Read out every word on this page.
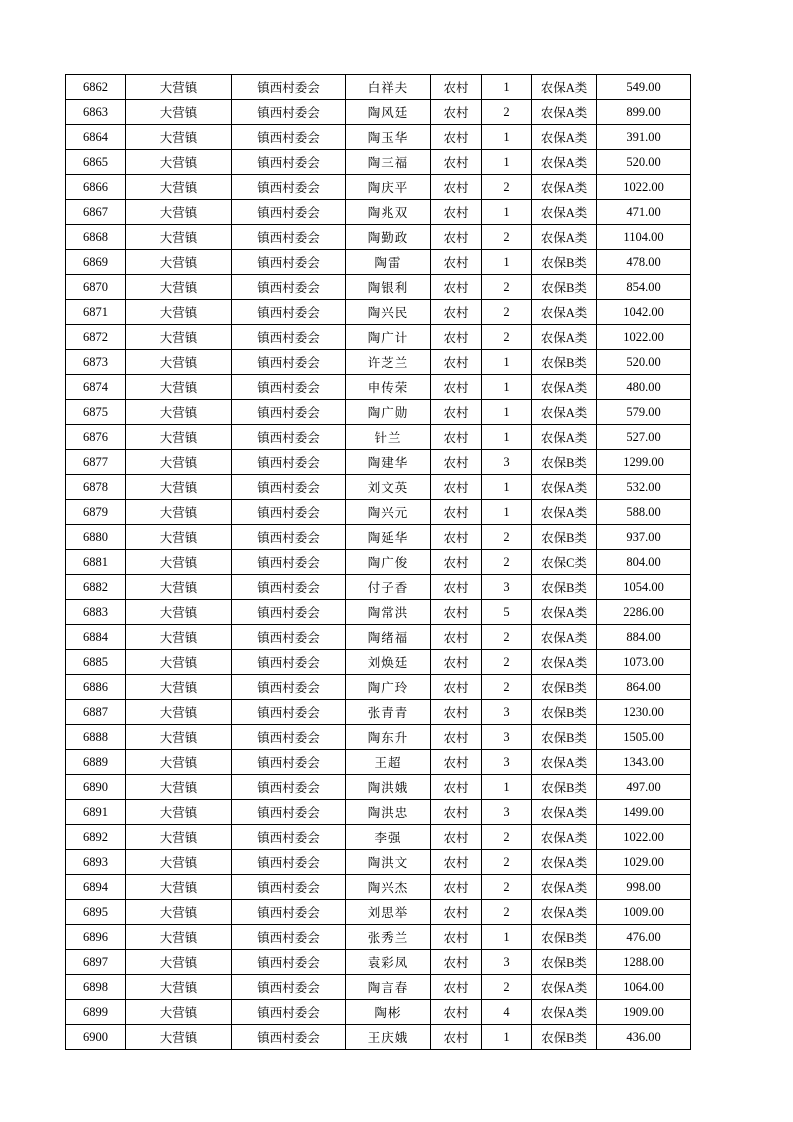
6862	大营镇	镇西村委会	白祥夫	农村	1	农保A类	549.00
6863	大营镇	镇西村委会	陶风廷	农村	2	农保A类	899.00
6864	大营镇	镇西村委会	陶玉华	农村	1	农保A类	391.00
6865	大营镇	镇西村委会	陶三福	农村	1	农保A类	520.00
6866	大营镇	镇西村委会	陶庆平	农村	2	农保A类	1022.00
6867	大营镇	镇西村委会	陶兆双	农村	1	农保A类	471.00
6868	大营镇	镇西村委会	陶勤政	农村	2	农保A类	1104.00
6869	大营镇	镇西村委会	陶雷	农村	1	农保B类	478.00
6870	大营镇	镇西村委会	陶银利	农村	2	农保B类	854.00
6871	大营镇	镇西村委会	陶兴民	农村	2	农保A类	1042.00
6872	大营镇	镇西村委会	陶广计	农村	2	农保A类	1022.00
6873	大营镇	镇西村委会	许芝兰	农村	1	农保B类	520.00
6874	大营镇	镇西村委会	申传荣	农村	1	农保A类	480.00
6875	大营镇	镇西村委会	陶广勋	农村	1	农保A类	579.00
6876	大营镇	镇西村委会	针兰	农村	1	农保A类	527.00
6877	大营镇	镇西村委会	陶建华	农村	3	农保B类	1299.00
6878	大营镇	镇西村委会	刘文英	农村	1	农保A类	532.00
6879	大营镇	镇西村委会	陶兴元	农村	1	农保A类	588.00
6880	大营镇	镇西村委会	陶延华	农村	2	农保B类	937.00
6881	大营镇	镇西村委会	陶广俊	农村	2	农保C类	804.00
6882	大营镇	镇西村委会	付子香	农村	3	农保B类	1054.00
6883	大营镇	镇西村委会	陶常洪	农村	5	农保A类	2286.00
6884	大营镇	镇西村委会	陶绪福	农村	2	农保A类	884.00
6885	大营镇	镇西村委会	刘焕廷	农村	2	农保A类	1073.00
6886	大营镇	镇西村委会	陶广玲	农村	2	农保B类	864.00
6887	大营镇	镇西村委会	张青青	农村	3	农保B类	1230.00
6888	大营镇	镇西村委会	陶东升	农村	3	农保B类	1505.00
6889	大营镇	镇西村委会	王超	农村	3	农保A类	1343.00
6890	大营镇	镇西村委会	陶洪娥	农村	1	农保B类	497.00
6891	大营镇	镇西村委会	陶洪忠	农村	3	农保A类	1499.00
6892	大营镇	镇西村委会	李强	农村	2	农保A类	1022.00
6893	大营镇	镇西村委会	陶洪文	农村	2	农保A类	1029.00
6894	大营镇	镇西村委会	陶兴杰	农村	2	农保A类	998.00
6895	大营镇	镇西村委会	刘思举	农村	2	农保A类	1009.00
6896	大营镇	镇西村委会	张秀兰	农村	1	农保B类	476.00
6897	大营镇	镇西村委会	袁彩凤	农村	3	农保B类	1288.00
6898	大营镇	镇西村委会	陶言春	农村	2	农保A类	1064.00
6899	大营镇	镇西村委会	陶彬	农村	4	农保A类	1909.00
6900	大营镇	镇西村委会	王庆娥	农村	1	农保B类	436.00
